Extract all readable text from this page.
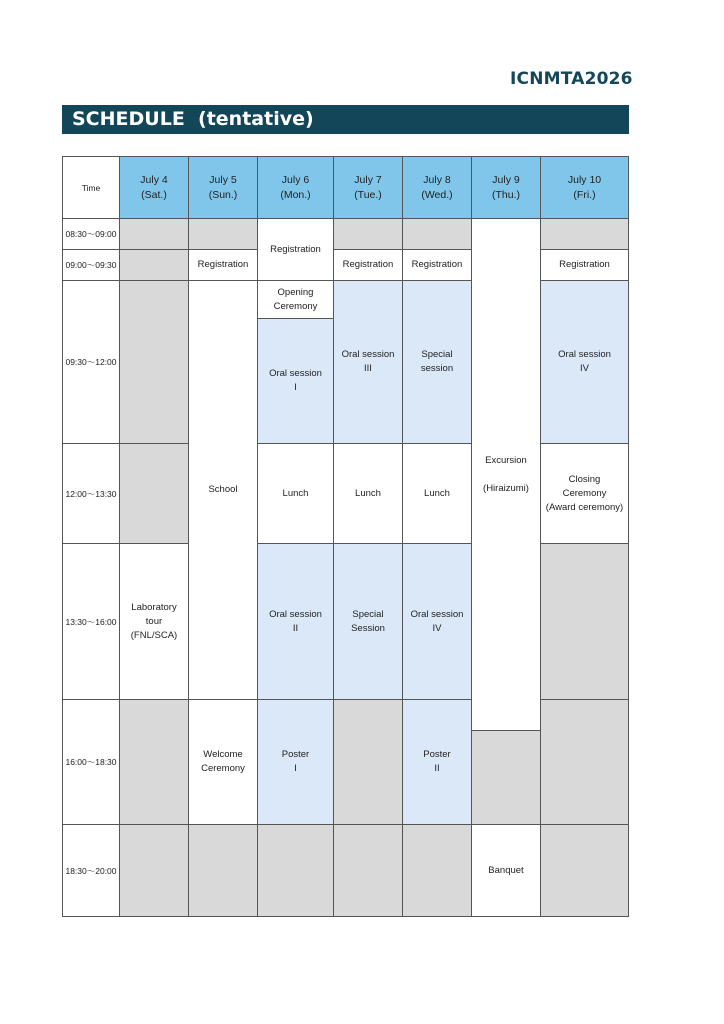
ICNMTA2026
SCHEDULE  (tentative)
Time
July 4
(Sat.)
July 5
(Sun.)
July 6
(Mon.)
July 7
(Tue.)
July 8
(Wed.)
July 9
(Thu.)
July 10
(Fri.)
08:30～09:00
09:00～09:30
09:30～12:00
12:00～13:30
13:30～16:00
16:00～18:30
18:30～20:00
Laboratory
tour
(FNL/SCA)
Registration
School
Welcome
Ceremony
Registration
Opening
Ceremony
Oral session
I
Lunch
Oral session
II
Poster
I
Registration
Oral session
III
Lunch
Special
Session
Registration
Special
session
Lunch
Oral session
IV
Poster
II
Excursion

(Hiraizumi)
Banquet
Registration
Oral session
IV
Closing
Ceremony
(Award ceremony)
